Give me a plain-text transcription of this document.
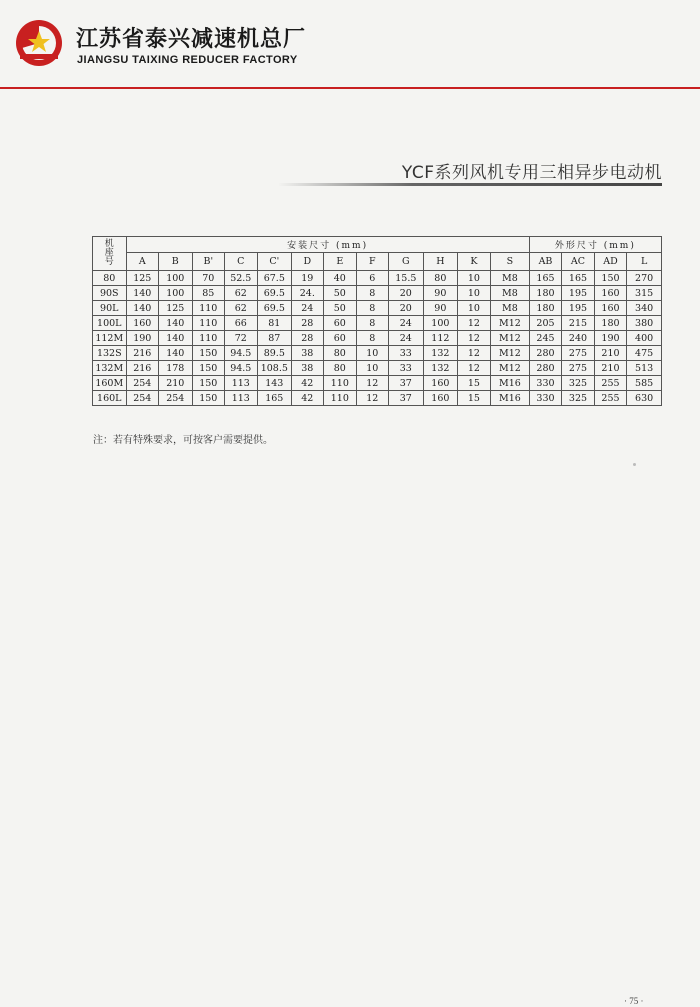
江苏省泰兴减速机总厂
JIANGSU TAIXING REDUCER FACTORY
YCF系列风机专用三相异步电动机
机
座
号	安装尺寸 (mm)												外形尺寸 (mm)			
	A	B	B'	C	C'	D	E	F	G	H	K	S	AB	AC	AD	L
80	125	100	70	52.5	67.5	19	40	6	15.5	80	10	M8	165	165	150	270
90S	140	100	85	62	69.5	24.	50	8	20	90	10	M8	180	195	160	315
90L	140	125	110	62	69.5	24	50	8	20	90	10	M8	180	195	160	340
100L	160	140	110	66	81	28	60	8	24	100	12	M12	205	215	180	380
112M	190	140	110	72	87	28	60	8	24	112	12	M12	245	240	190	400
132S	216	140	150	94.5	89.5	38	80	10	33	132	12	M12	280	275	210	475
132M	216	178	150	94.5	108.5	38	80	10	33	132	12	M12	280	275	210	513
160M	254	210	150	113	143	42	110	12	37	160	15	M16	330	325	255	585
160L	254	254	150	113	165	42	110	12	37	160	15	M16	330	325	255	630
注：若有特殊要求，可按客户需要提供。
· 75 ·
